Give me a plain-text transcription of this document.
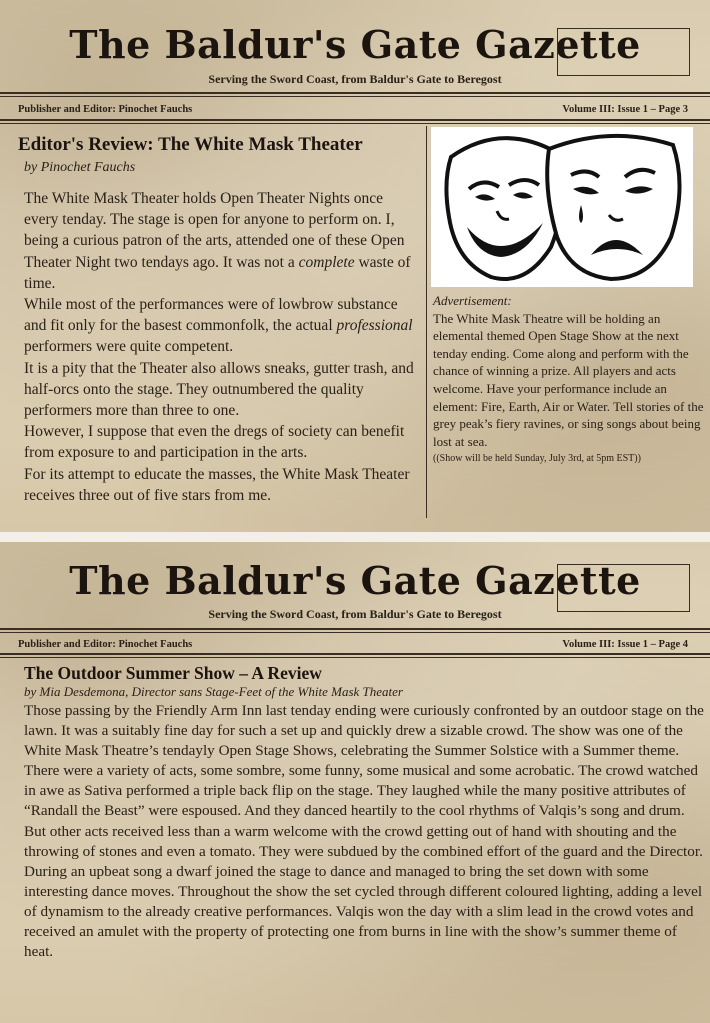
The Baldur's Gate Gazette
Serving the Sword Coast, from Baldur's Gate to Beregost
Publisher and Editor: Pinochet Fauchs	Volume III: Issue 1 – Page 3
Editor's Review: The White Mask Theater
by Pinochet Fauchs

The White Mask Theater holds Open Theater Nights once every tenday. The stage is open for anyone to perform on. I, being a curious patron of the arts, attended one of these Open Theater Night two tendays ago. It was not a complete waste of time.

While most of the performances were of lowbrow substance and fit only for the basest commonfolk, the actual professional performers were quite competent.

It is a pity that the Theater also allows sneaks, gutter trash, and half-orcs onto the stage. They outnumbered the quality performers more than three to one.

However, I suppose that even the dregs of society can benefit from exposure to and participation in the arts.

For its attempt to educate the masses, the White Mask Theater receives three out of five stars from me.

Advertisement:
The White Mask Theatre will be holding an elemental themed Open Stage Show at the next tenday ending. Come along and perform with the chance of winning a prize. All players and acts welcome. Have your performance include an element: Fire, Earth, Air or Water. Tell stories of the grey peak’s fiery ravines, or sing songs about being lost at sea.
((Show will be held Sunday, July 3rd, at 5pm EST))
The Baldur's Gate Gazette
Serving the Sword Coast, from Baldur's Gate to Beregost
Publisher and Editor: Pinochet Fauchs	Volume III: Issue 1 – Page 4
The Outdoor Summer Show – A Review
by Mia Desdemona, Director sans Stage-Feet of the White Mask Theater

Those passing by the Friendly Arm Inn last tenday ending were curiously confronted by an outdoor stage on the lawn. It was a suitably fine day for such a set up and quickly drew a sizable crowd. The show was one of the White Mask Theatre’s tendayly Open Stage Shows, celebrating the Summer Solstice with a Summer theme.

There were a variety of acts, some sombre, some funny, some musical and some acrobatic. The crowd watched in awe as Sativa performed a triple back flip on the stage. They laughed while the many positive attributes of “Randall the Beast” were espoused. And they danced heartily to the cool rhythms of Valqis’s song and drum.

But other acts received less than a warm welcome with the crowd getting out of hand with shouting and the throwing of stones and even a tomato. They were subdued by the combined effort of the guard and the Director.

During an upbeat song a dwarf joined the stage to dance and managed to bring the set down with some interesting dance moves. Throughout the show the set cycled through different coloured lighting, adding a level of dynamism to the already creative performances. Valqis won the day with a slim lead in the crowd votes and received an amulet with the property of protecting one from burns in line with the show’s summer theme of heat.
